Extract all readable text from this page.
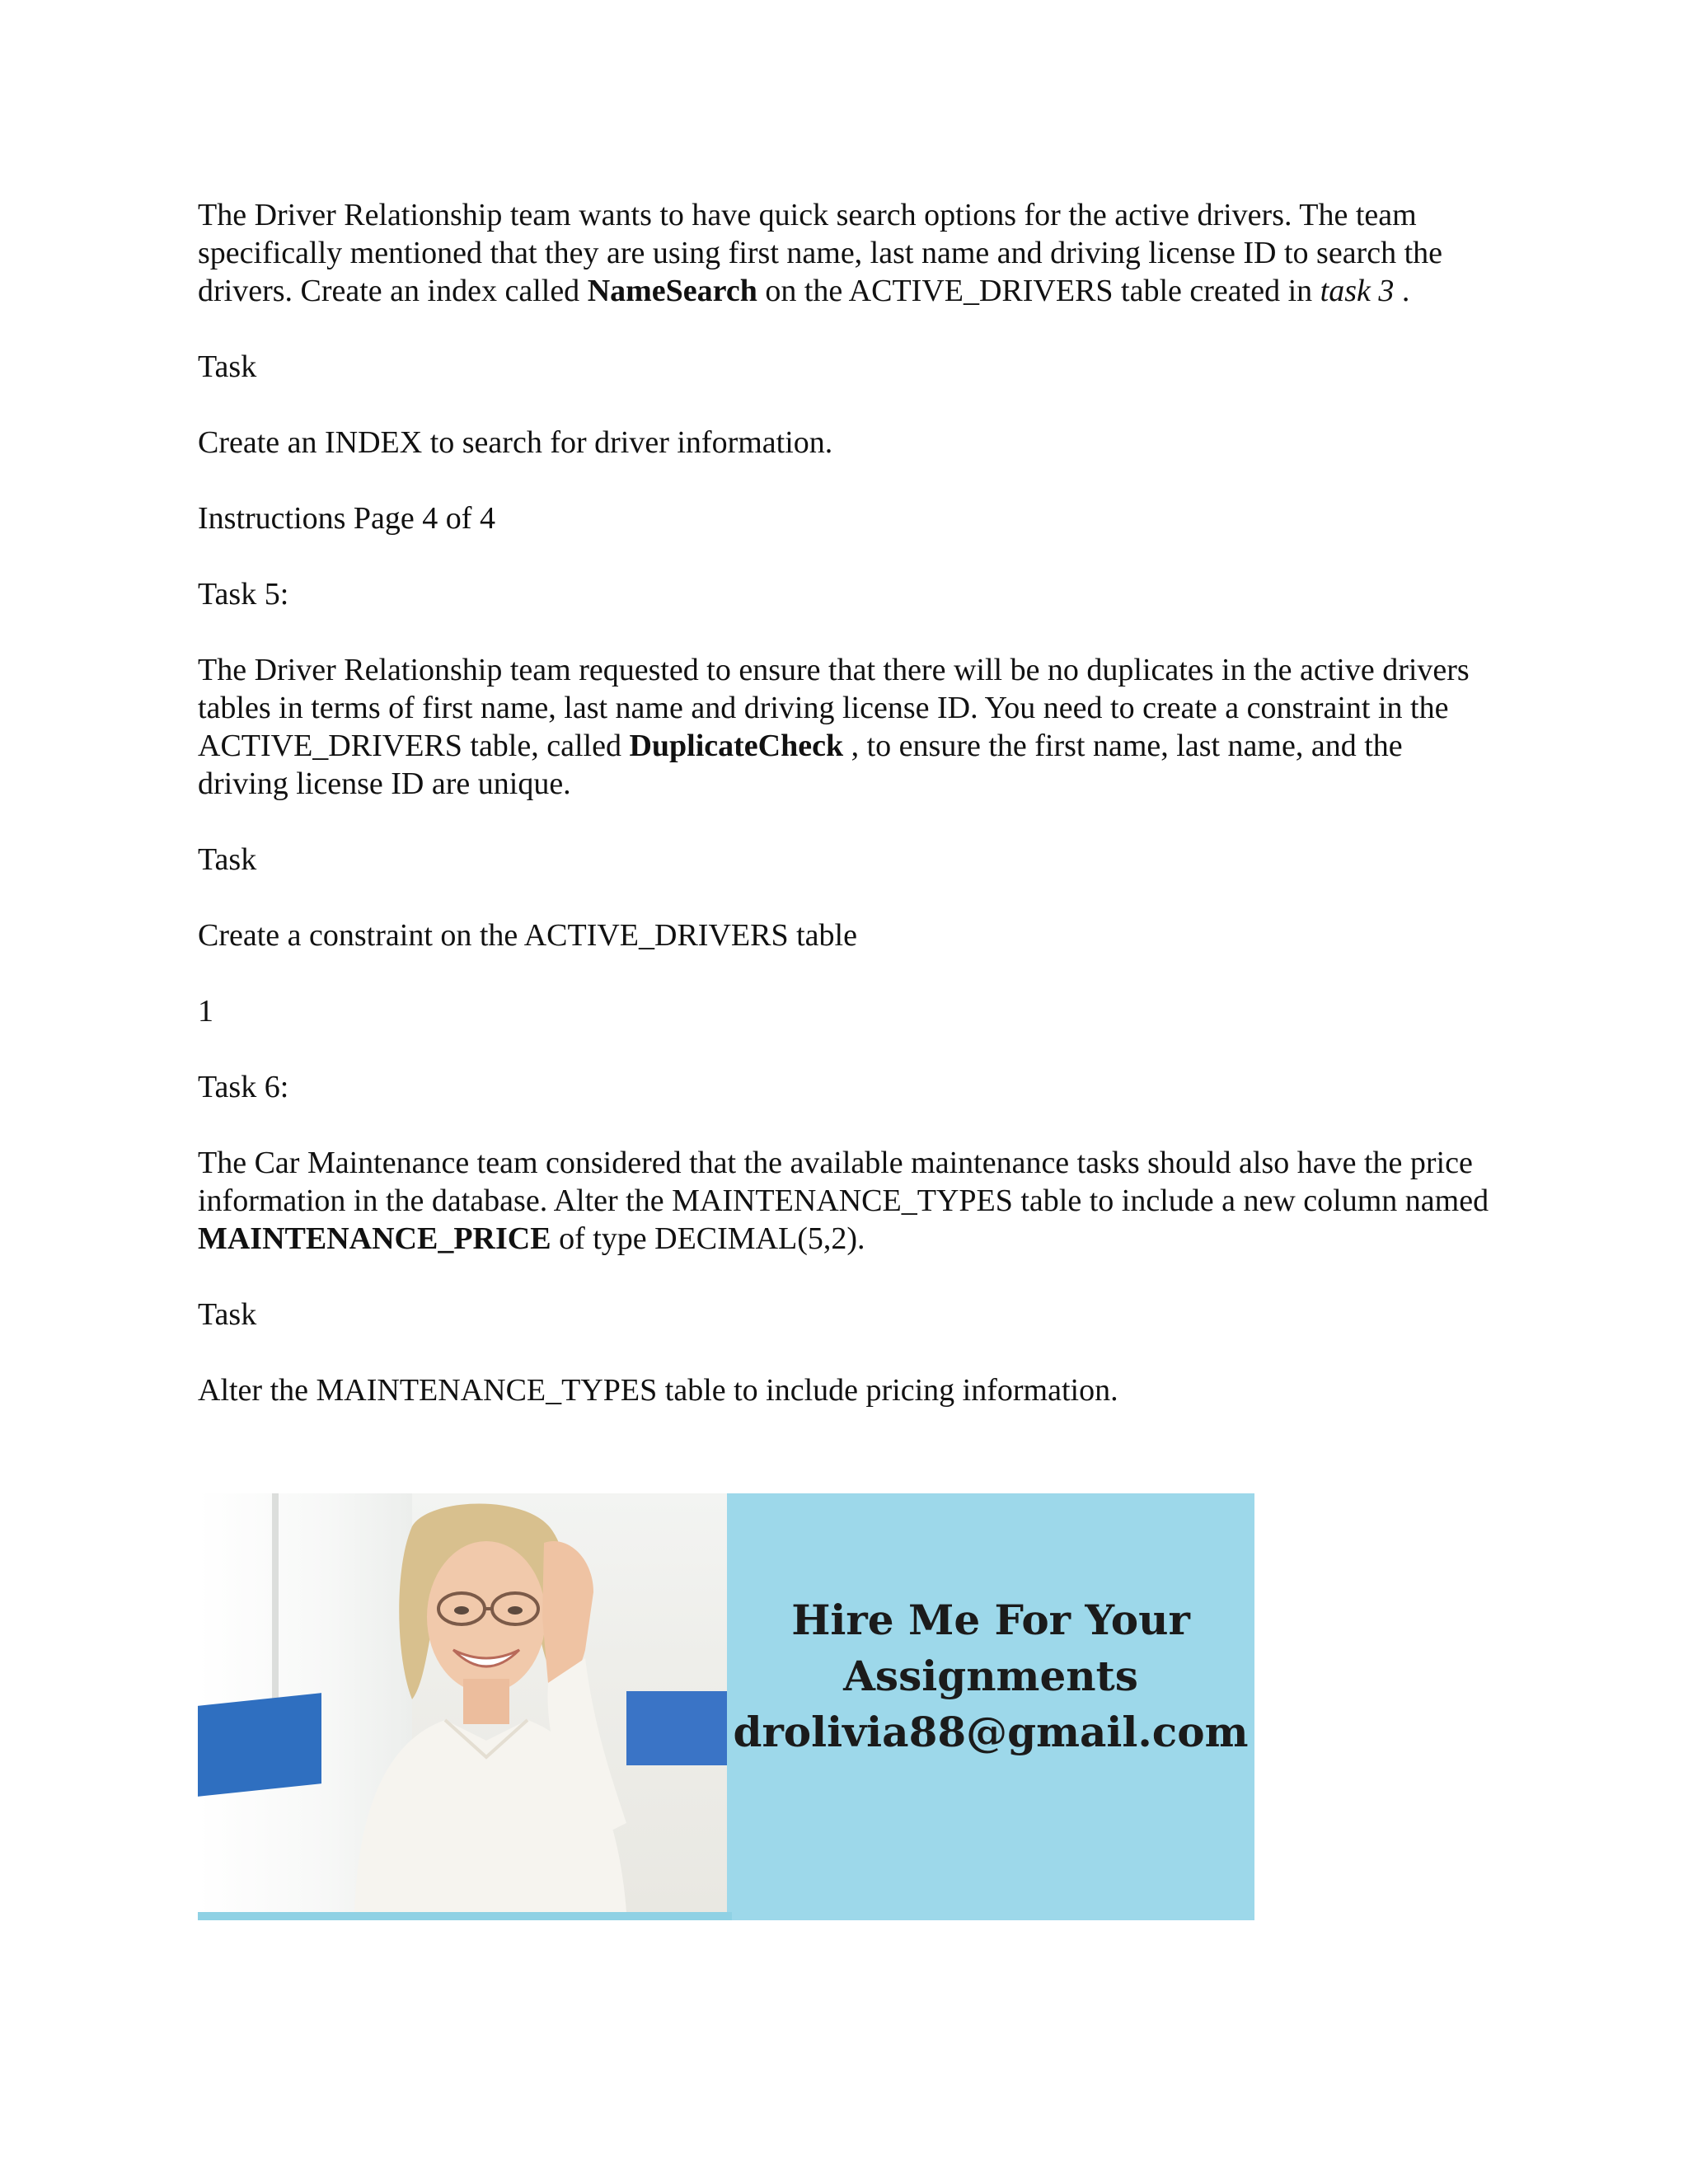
The Driver Relationship team wants to have quick search options for the active drivers. The team specifically mentioned that they are using first name, last name and driving license ID to search the drivers. Create an index called NameSearch on the ACTIVE_DRIVERS table created in task 3 .

Task

Create an INDEX to search for driver information.

Instructions Page 4 of 4

Task 5:

The Driver Relationship team requested to ensure that there will be no duplicates in the active drivers tables in terms of first name, last name and driving license ID. You need to create a constraint in the ACTIVE_DRIVERS table, called DuplicateCheck , to ensure the first name, last name, and the driving license ID are unique.

Task

Create a constraint on the ACTIVE_DRIVERS table

1

Task 6:

The Car Maintenance team considered that the available maintenance tasks should also have the price information in the database. Alter the MAINTENANCE_TYPES table to include a new column named MAINTENANCE_PRICE of type DECIMAL(5,2).

Task

Alter the MAINTENANCE_TYPES table to include pricing information.

Hire Me For Your
Assignments
drolivia88@gmail.com
